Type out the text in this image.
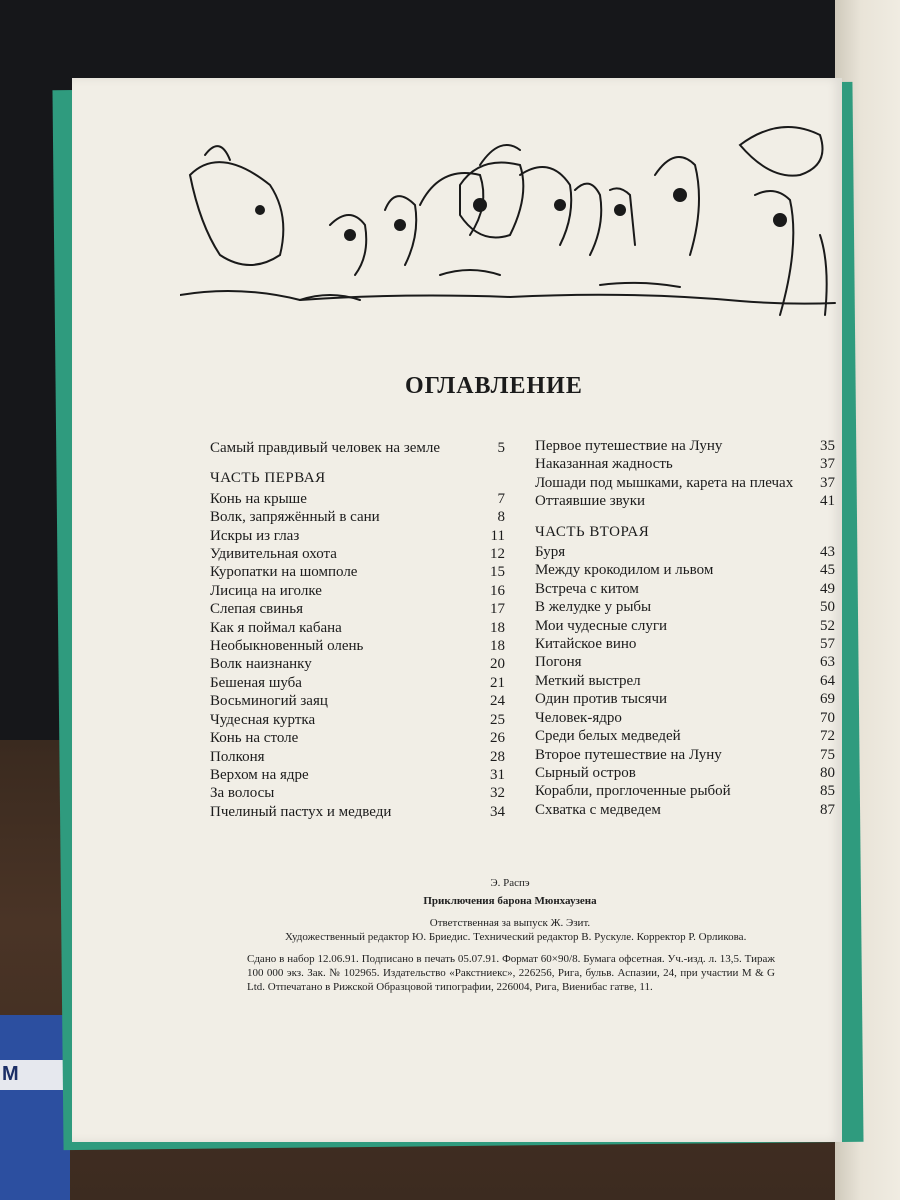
М
ОГЛАВЛЕНИЕ
Самый правдивый человек на земле	5
ЧАСТЬ ПЕРВАЯ
Конь на крыше	7
Волк, запряжённый в сани	8
Искры из глаз	11
Удивительная охота	12
Куропатки на шомполе	15
Лисица на иголке	16
Слепая свинья	17
Как я поймал кабана	18
Необыкновенный олень	18
Волк наизнанку	20
Бешеная шуба	21
Восьминогий заяц	24
Чудесная куртка	25
Конь на столе	26
Полконя	28
Верхом на ядре	31
За волосы	32
Пчелиный пастух и медведи	34
Первое путешествие на Луну	35
Наказанная жадность	37
Лошади под мышками, карета на плечах	37
Оттаявшие звуки	41
ЧАСТЬ ВТОРАЯ
Буря	43
Между крокодилом и львом	45
Встреча с китом	49
В желудке у рыбы	50
Мои чудесные слуги	52
Китайское вино	57
Погоня	63
Меткий выстрел	64
Один против тысячи	69
Человек-ядро	70
Среди белых медведей	72
Второе путешествие на Луну	75
Сырный остров	80
Корабли, проглоченные рыбой	85
Схватка с медведем	87
Э. Распэ
Приключения барона Мюнхаузена
Ответственная за выпуск Ж. Эзит.
Художественный редактор Ю. Бриедис. Технический редактор В. Рускуле. Корректор Р. Орликова.
Сдано в набор 12.06.91. Подписано в печать 05.07.91. Формат 60×90/8. Бумага офсетная. Уч.-изд. л. 13,5. Тираж 100 000 экз. Зак. № 102965. Издательство «Ракстниекс», 226256, Рига, бульв. Аспазии, 24, при участии M & G Ltd. Отпечатано в Рижской Образцовой типографии, 226004, Рига, Виенибас гатве, 11.
